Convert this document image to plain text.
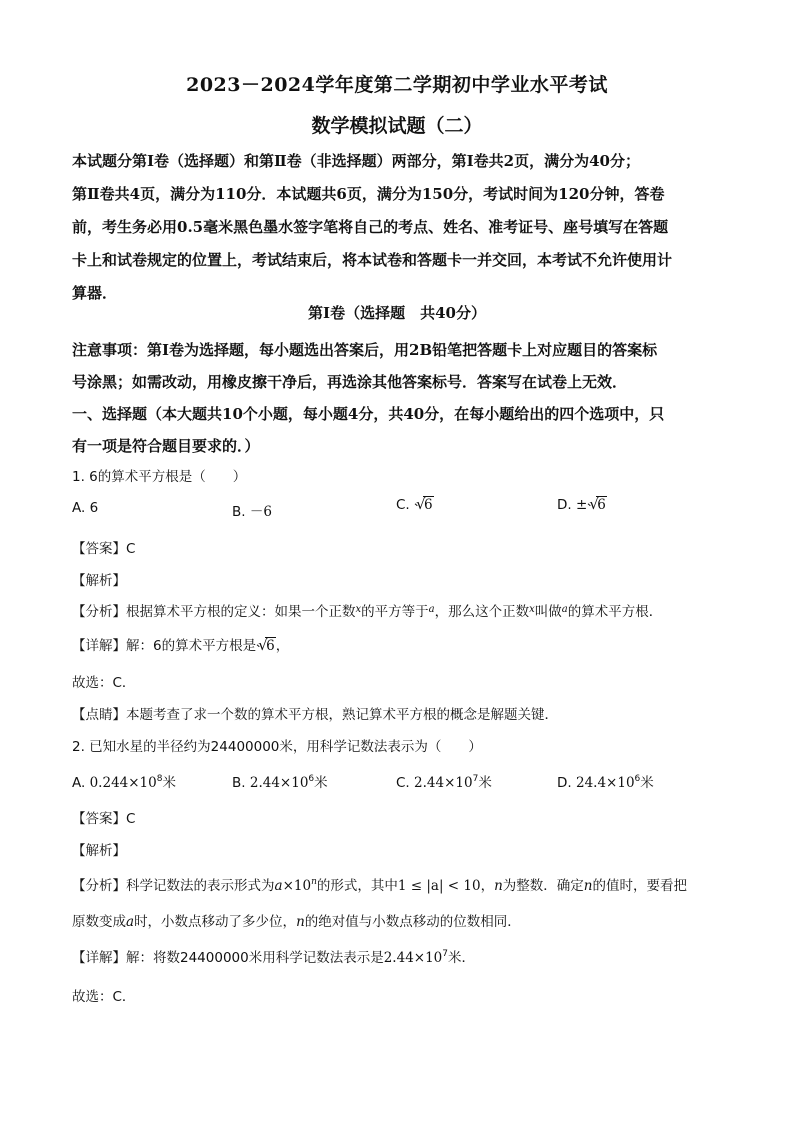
2023－2024学年度第二学期初中学业水平考试
数学模拟试题（二）
本试题分第Ⅰ卷（选择题）和第Ⅱ卷（非选择题）两部分，第Ⅰ卷共2页，满分为40分；
第Ⅱ卷共4页，满分为110分．本试题共6页，满分为150分，考试时间为120分钟，答卷
前，考生务必用0.5毫米黑色墨水签字笔将自己的考点、姓名、准考证号、座号填写在答题
卡上和试卷规定的位置上，考试结束后，将本试卷和答题卡一并交回，本考试不允许使用计
算器．
第Ⅰ卷（选择题　共40分）
注意事项：第Ⅰ卷为选择题，每小题选出答案后，用2B铅笔把答题卡上对应题目的答案标
号涂黑；如需改动，用橡皮擦干净后，再选涂其他答案标号．答案写在试卷上无效．
一、选择题（本大题共10个小题，每小题4分，共40分，在每小题给出的四个选项中，只
有一项是符合题目要求的．）
1. 6的算术平方根是（　　）
A. 6	B. －6	C. √
6	D. ± √
6
【答案】C
【解析】
【分析】根据算术平方根的定义：如果一个正数$^x$的平方等于$^a$，那么这个正数$^x$叫做$^a$的算术平方根．
【详解】解：6的算术平方根是 √
6，
故选：C．
【点睛】本题考查了求一个数的算术平方根，熟记算术平方根的概念是解题关键．
2. 已知水星的半径约为24400000米，用科学记数法表示为（　　）
A. $0.244\times 10^8$米	B. $2.44\times 10^6$米	C. $2.44\times 10^7$米	D. $24.4\times 10^6$米
【答案】C
【解析】
【分析】科学记数法的表示形式为$a\times 10^n$的形式，其中1 ≤ |a| < 10，n为整数．确定n的值时，要看把
原数变成a时，小数点移动了多少位，n的绝对值与小数点移动的位数相同．
【详解】解：将数24400000米用科学记数法表示是$2.44\times 10^7$米．
故选：C．
